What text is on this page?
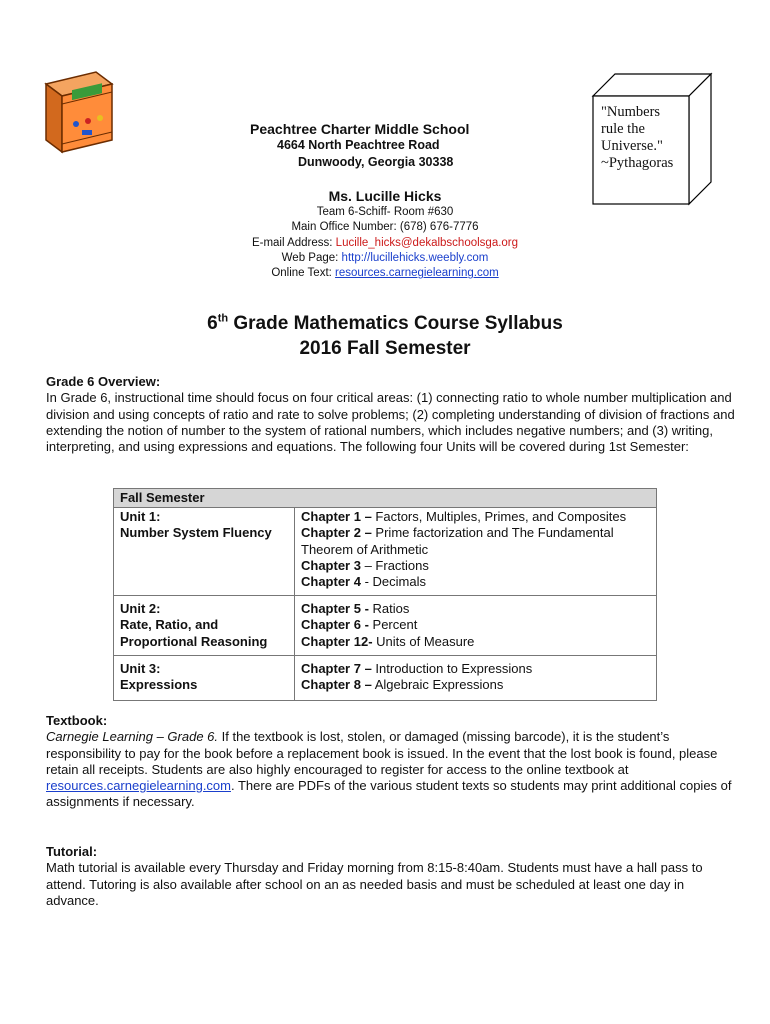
"Numbers
rule the
Universe."
~Pythagoras
Peachtree Charter Middle School
4664 North Peachtree Road
Dunwoody, Georgia 30338
Ms. Lucille Hicks
Team 6-Schiff- Room #630
Main Office Number: (678) 676-7776
E-mail Address: Lucille_hicks@dekalbschoolsga.org
Web Page: http://lucillehicks.weebly.com
Online Text: resources.carnegielearning.com
6th Grade Mathematics Course Syllabus
2016 Fall Semester
Grade 6 Overview:
In Grade 6, instructional time should focus on four critical areas: (1) connecting ratio to whole number multiplication and division and using concepts of ratio and rate to solve problems; (2) completing understanding of division of fractions and extending the notion of number to the system of rational numbers, which includes negative numbers; and (3) writing, interpreting, and using expressions and equations. The following four Units will be covered during 1st Semester:
Fall Semester	

Unit 1:
Number System Fluency	Chapter 1 – Factors, Multiples, Primes, and Composites
Chapter 2 – Prime factorization and The Fundamental Theorem of Arithmetic
Chapter 3 – Fractions
Chapter 4 - Decimals

Unit 2:
Rate, Ratio, and Proportional Reasoning	Chapter 5 - Ratios
Chapter 6 - Percent
Chapter 12- Units of Measure

Unit 3:
Expressions	Chapter 7 – Introduction to Expressions
Chapter 8 – Algebraic Expressions
Textbook:
Carnegie Learning – Grade 6. If the textbook is lost, stolen, or damaged (missing barcode), it is the student’s responsibility to pay for the book before a replacement book is issued. In the event that the lost book is found, please retain all receipts. Students are also highly encouraged to register for access to the online textbook at resources.carnegielearning.com. There are PDFs of the various student texts so students may print additional copies of assignments if necessary.
Tutorial:
Math tutorial is available every Thursday and Friday morning from 8:15-8:40am. Students must have a hall pass to attend. Tutoring is also available after school on an as needed basis and must be scheduled at least one day in advance.
